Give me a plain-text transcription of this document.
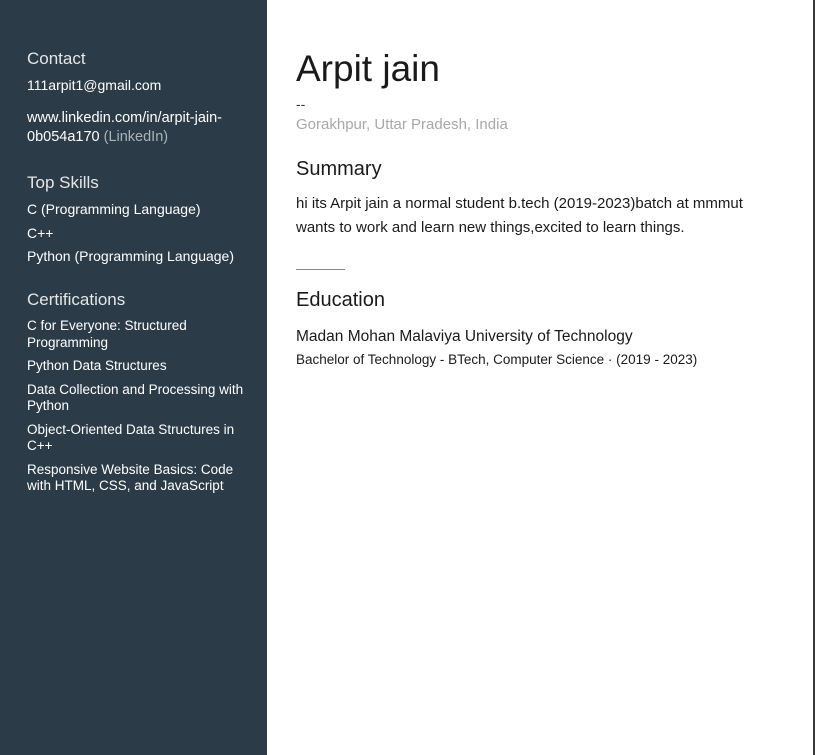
Contact
111arpit1@gmail.com
www.linkedin.com/in/arpit-jain-0b054a170 (LinkedIn)
Top Skills
C (Programming Language)
C++
Python (Programming Language)
Certifications
C for Everyone: Structured Programming
Python Data Structures
Data Collection and Processing with Python
Object-Oriented Data Structures in C++
Responsive Website Basics: Code with HTML, CSS, and JavaScript
Arpit jain
--
Gorakhpur, Uttar Pradesh, India
Summary
hi its Arpit jain a normal student b.tech (2019-2023)batch at mmmut wants to work and learn new things,excited to learn things.
Education
Madan Mohan Malaviya University of Technology
Bachelor of Technology - BTech, Computer Science · (2019 - 2023)
